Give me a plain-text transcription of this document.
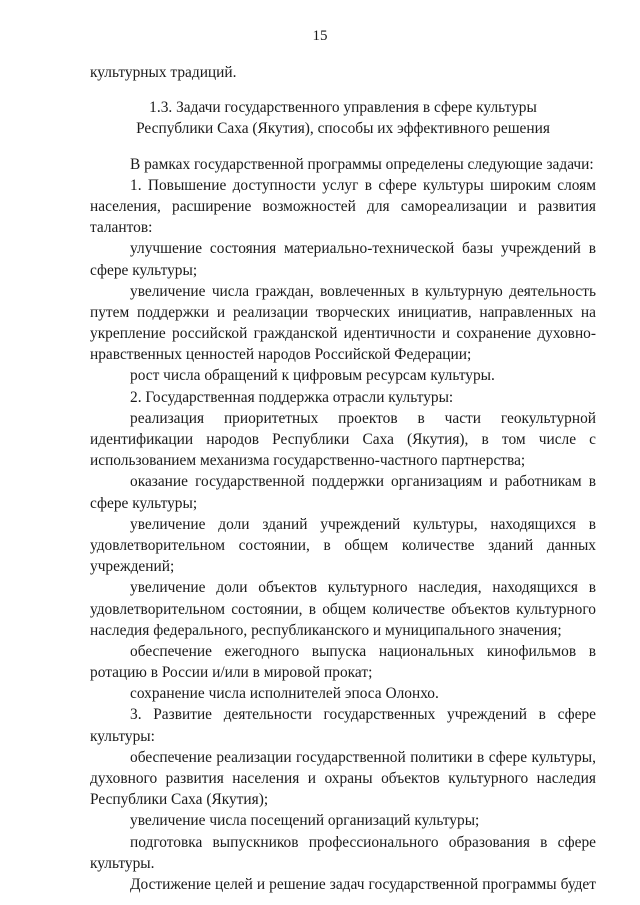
15
культурных традиций.
1.3. Задачи государственного управления в сфере культуры
Республики Саха (Якутия), способы их эффективного решения
В рамках государственной программы определены следующие задачи:
1. Повышение доступности услуг в сфере культуры широким слоям
населения, расширение возможностей для самореализации и развития
талантов:
улучшение состояния материально-технической базы учреждений в
сфере культуры;
увеличение числа граждан, вовлеченных в культурную деятельность
путем поддержки и реализации творческих инициатив, направленных на
укрепление российской гражданской идентичности и сохранение духовно-
нравственных ценностей народов Российской Федерации;
рост числа обращений к цифровым ресурсам культуры.
2. Государственная поддержка отрасли культуры:
реализация приоритетных проектов в части геокультурной
идентификации народов Республики Саха (Якутия), в том числе с
использованием механизма государственно-частного партнерства;
оказание государственной поддержки организациям и работникам в
сфере культуры;
увеличение доли зданий учреждений культуры, находящихся в
удовлетворительном состоянии, в общем количестве зданий данных
учреждений;
увеличение доли объектов культурного наследия, находящихся в
удовлетворительном состоянии, в общем количестве объектов культурного
наследия федерального, республиканского и муниципального значения;
обеспечение ежегодного выпуска национальных кинофильмов в
ротацию в России и/или в мировой прокат;
сохранение числа исполнителей эпоса Олонхо.
3. Развитие деятельности государственных учреждений в сфере
культуры:
обеспечение реализации государственной политики в сфере культуры,
духовного развития населения и охраны объектов культурного наследия
Республики Саха (Якутия);
увеличение числа посещений организаций культуры;
подготовка выпускников профессионального образования в сфере
культуры.
Достижение целей и решение задач государственной программы будет
